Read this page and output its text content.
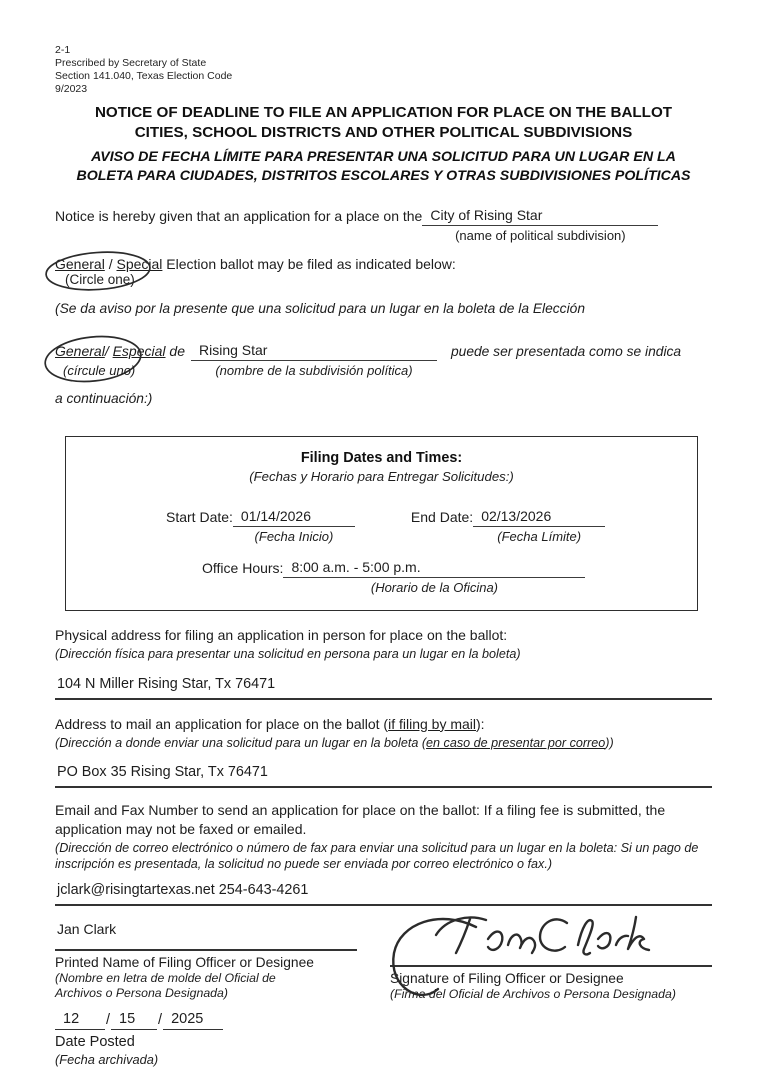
2-1
Prescribed by Secretary of State
Section 141.040, Texas Election Code
9/2023
NOTICE OF DEADLINE TO FILE AN APPLICATION FOR PLACE ON THE BALLOT
CITIES, SCHOOL DISTRICTS AND OTHER POLITICAL SUBDIVISIONS
AVISO DE FECHA LÍMITE PARA PRESENTAR UNA SOLICITUD PARA UN LUGAR EN LA
BOLETA PARA CIUDADES, DISTRITOS ESCOLARES Y OTRAS SUBDIVISIONES POLÍTICAS
Notice is hereby given that an application for a place on the City of Rising Star
(name of political subdivision)
General / Special Election ballot may be filed as indicated below:
(Circle one)
(Se da aviso por la presente que una solicitud para un lugar en la boleta de la Elección
General/ Especial de
(círcule uno)
Rising Star
(nombre de la subdivisión política)
puede ser presentada como se indica
a continuación:)
Filing Dates and Times:
(Fechas y Horario para Entregar Solicitudes:)
Start Date: 01/14/2026
(Fecha Inicio)
End Date: 02/13/2026
(Fecha Límite)
Office Hours: 8:00 a.m. - 5:00 p.m.
(Horario de la Oficina)
Physical address for filing an application in person for place on the ballot:
(Dirección física para presentar una solicitud en persona para un lugar en la boleta)
104 N Miller Rising Star, Tx 76471
Address to mail an application for place on the ballot (if filing by mail):
(Dirección a donde enviar una solicitud para un lugar en la boleta (en caso de presentar por correo))
PO Box 35 Rising Star, Tx 76471
Email and Fax Number to send an application for place on the ballot: If a filing fee is submitted, the application may not be faxed or emailed.
(Dirección de correo electrónico o número de fax para enviar una solicitud para un lugar en la boleta: Si un pago de inscripción es presentada, la solicitud no puede ser enviada por correo electrónico o fax.)
jclark@risingtartexas.net 254-643-4261
Jan Clark
Printed Name of Filing Officer or Designee
(Nombre en letra de molde del Oficial de Archivos o Persona Designada)
Signature of Filing Officer or Designee
(Firma del Oficial de Archivos o Persona Designada)
12	/ 15	/ 2025
Date Posted
(Fecha archivada)
